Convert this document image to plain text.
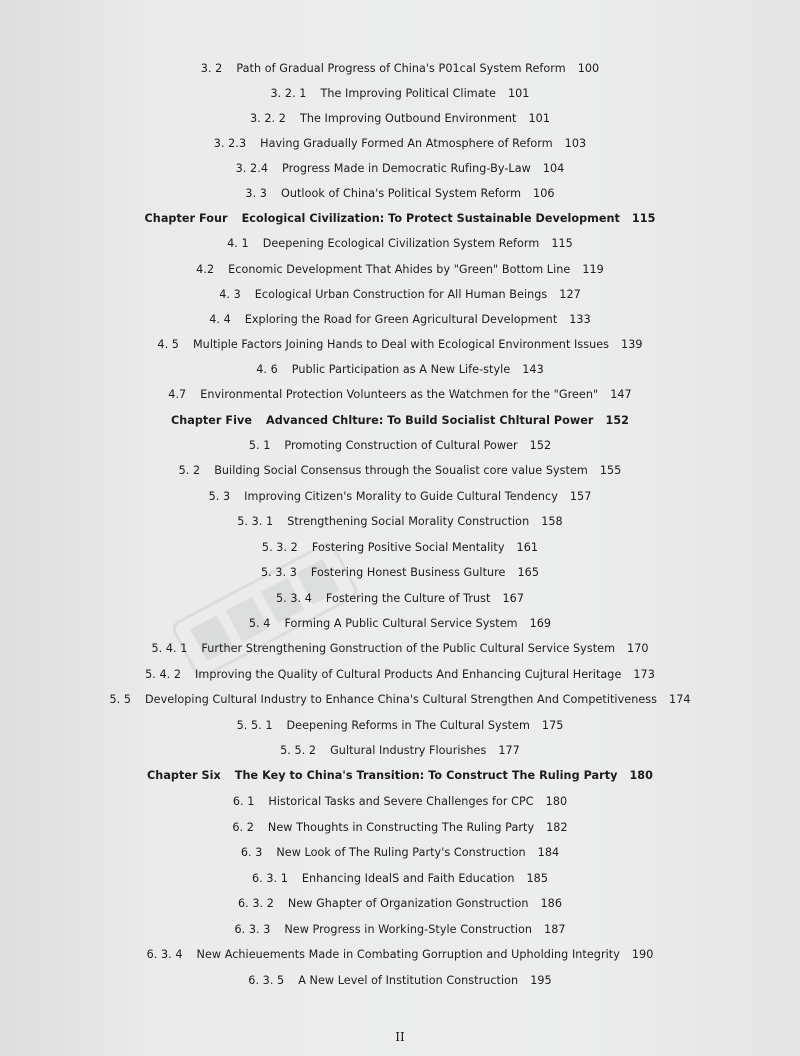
3. 2 Path of Gradual Progress of China's P01cal System Reform 100
3. 2. 1 The Improving Political Climate 101
3. 2. 2 The Improving Outbound Environment 101
3. 2.3 Having Gradually Formed An Atmosphere of Reform 103
3. 2.4 Progress Made in Democratic Rufing-By-Law 104
3. 3 Outlook of China's Political System Reform 106
Chapter Four Ecological Civilization: To Protect Sustainable Development 115
4. 1 Deepening Ecological Civilization System Reform 115
4.2 Economic Development That Ahides by "Green" Bottom Line 119
4. 3 Ecological Urban Construction for All Human Beings 127
4. 4 Exploring the Road for Green Agricultural Development 133
4. 5 Multiple Factors Joining Hands to Deal with Ecological Environment Issues 139
4. 6 Public Participation as A New Life-style 143
4.7 Environmental Protection Volunteers as the Watchmen for the "Green" 147
Chapter Five Advanced Chlture: To Build Socialist Chltural Power 152
5. 1 Promoting Construction of Cultural Power 152
5. 2 Building Social Consensus through the Soualist core value System 155
5. 3 Improving Citizen's Morality to Guide Cultural Tendency 157
5. 3. 1 Strengthening Social Morality Construction 158
5. 3. 2 Fostering Positive Social Mentality 161
5. 3. 3 Fostering Honest Business Gulture 165
5. 3. 4 Fostering the Culture of Trust 167
5. 4 Forming A Public Cultural Service System 169
5. 4. 1 Further Strengthening Gonstruction of the Public Cultural Service System 170
5. 4. 2 Improving the Quality of Cultural Products And Enhancing Cujtural Heritage 173
5. 5 Developing Cultural Industry to Enhance China's Cultural Strengthen And Competitiveness 174
5. 5. 1 Deepening Reforms in The Cultural System 175
5. 5. 2 Gultural Industry Flourishes 177
Chapter Six The Key to China's Transition: To Construct The Ruling Party 180
6. 1 Historical Tasks and Severe Challenges for CPC 180
6. 2 New Thoughts in Constructing The Ruling Party 182
6. 3 New Look of The Ruling Party's Construction 184
6. 3. 1 Enhancing IdealS and Faith Education 185
6. 3. 2 New Ghapter of Organization Gonstruction 186
6. 3. 3 New Progress in Working-Style Construction 187
6. 3. 4 New Achieuements Made in Combating Gorruption and Upholding Integrity 190
6. 3. 5 A New Level of Institution Construction 195
II
